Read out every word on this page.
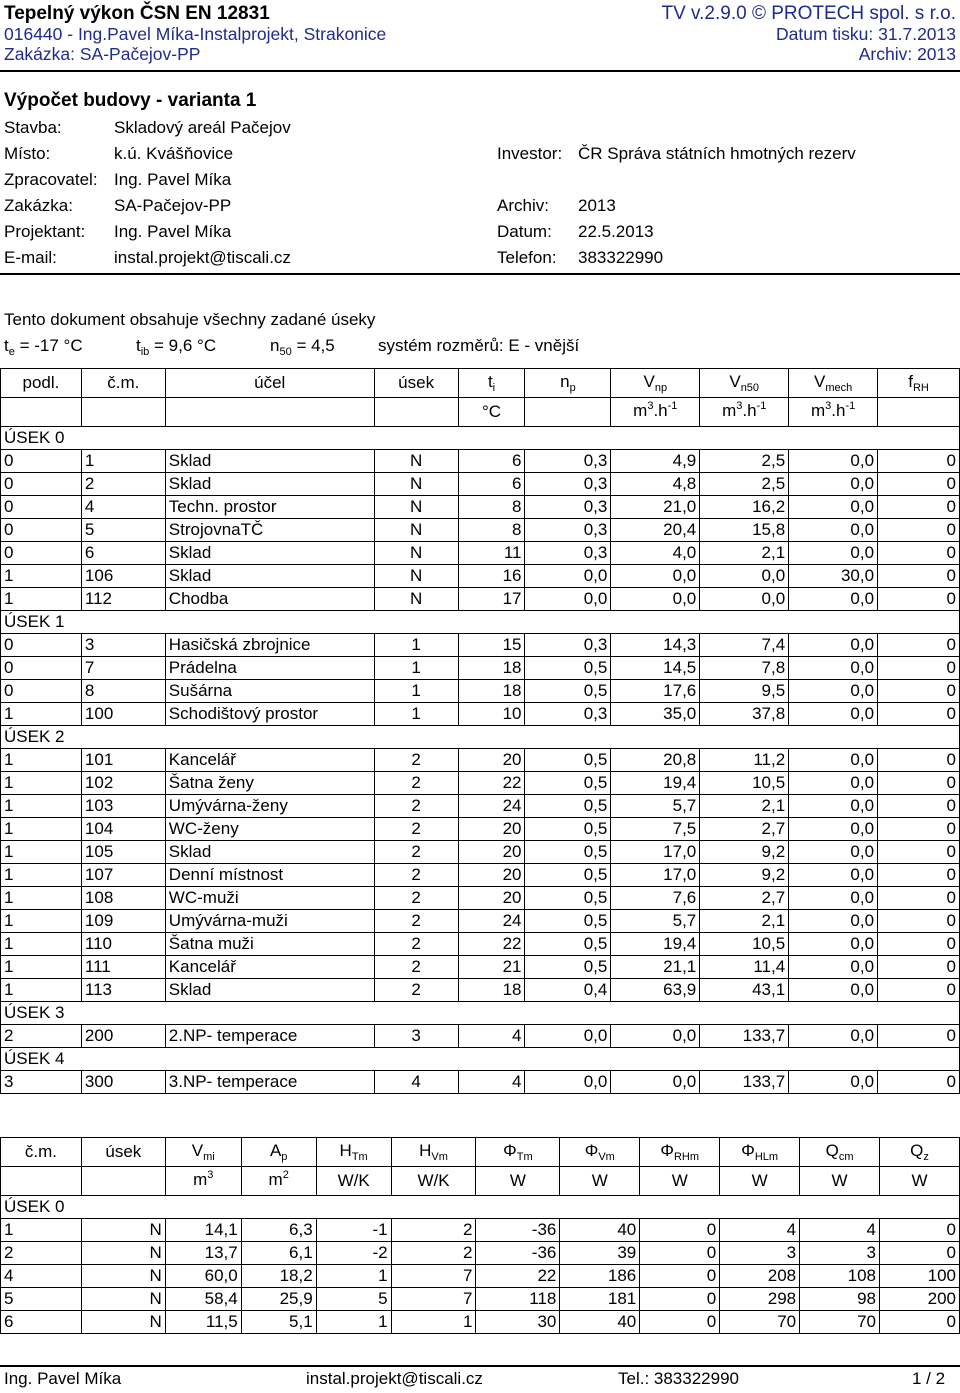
Tepelný výkon ČSN EN 12831	TV v.2.9.0 © PROTECH spol. s r.o.
016440 - Ing.Pavel Míka-Instalprojekt, Strakonice	Datum tisku: 31.7.2013
Zakázka: SA-Pačejov-PP	Archiv: 2013
Výpočet budovy - varianta 1
Stavba:	Skladový areál Pačejov
Místo:	k.ú. Kvášňovice	Investor: ČR Správa státních hmotných rezerv
Zpracovatel: Ing. Pavel Míka
Zakázka: SA-Pačejov-PP	Archiv: 2013
Projektant: Ing. Pavel Míka	Datum: 22.5.2013
E-mail:	instal.projekt@tiscali.cz	Telefon: 383322990
Tento dokument obsahuje všechny zadané úseky
$t_e = -17$ °C	$t_{ib} = 9,6$ °C	$n_{50} = 4,5$	systém rozměrů: E - vnější
podl.	č.m.	účel	úsek	$t_i$	$n_p$	$V_{np}$	$V_{n50}$	$V_{mech}$	$f_{RH}$
				°C		$m^3.h^{-1}$	$m^3.h^{-1}$	$m^3.h^{-1}$	
ÚSEK 0									
0	1	Sklad	N	6	0,3	4,9	2,5	0,0	0
0	2	Sklad	N	6	0,3	4,8	2,5	0,0	0
0	4	Techn. prostor	N	8	0,3	21,0	16,2	0,0	0
0	5	StrojovnaTČ	N	8	0,3	20,4	15,8	0,0	0
0	6	Sklad	N	11	0,3	4,0	2,1	0,0	0
1	106	Sklad	N	16	0,0	0,0	0,0	30,0	0
1	112	Chodba	N	17	0,0	0,0	0,0	0,0	0
ÚSEK 1									
0	3	Hasičská zbrojnice	1	15	0,3	14,3	7,4	0,0	0
0	7	Prádelna	1	18	0,5	14,5	7,8	0,0	0
0	8	Sušárna	1	18	0,5	17,6	9,5	0,0	0
1	100	Schodištový prostor	1	10	0,3	35,0	37,8	0,0	0
ÚSEK 2									
1	101	Kancelář	2	20	0,5	20,8	11,2	0,0	0
1	102	Šatna ženy	2	22	0,5	19,4	10,5	0,0	0
1	103	Umývárna-ženy	2	24	0,5	5,7	2,1	0,0	0
1	104	WC-ženy	2	20	0,5	7,5	2,7	0,0	0
1	105	Sklad	2	20	0,5	17,0	9,2	0,0	0
1	107	Denní místnost	2	20	0,5	17,0	9,2	0,0	0
1	108	WC-muži	2	20	0,5	7,6	2,7	0,0	0
1	109	Umývárna-muži	2	24	0,5	5,7	2,1	0,0	0
1	110	Šatna muži	2	22	0,5	19,4	10,5	0,0	0
1	111	Kancelář	2	21	0,5	21,1	11,4	0,0	0
1	113	Sklad	2	18	0,4	63,9	43,1	0,0	0
ÚSEK 3									
2	200	2.NP- temperace	3	4	0,0	0,0	133,7	0,0	0
ÚSEK 4									
3	300	3.NP- temperace	4	4	0,0	0,0	133,7	0,0	0
č.m.	úsek	$V_{mi}$	$A_p$	$H_{Tm}$	$H_{Vm}$	$\Phi_{Tm}$	$\Phi_{Vm}$	$\Phi_{RHm}$	$\Phi_{HLm}$	$Q_{cm}$	$Q_z$
		$m^3$	$m^2$	W/K	W/K	W	W	W	W	W	W
ÚSEK 0											
1	N	14,1	6,3	-1	2	-36	40	0	4	4	0
2	N	13,7	6,1	-2	2	-36	39	0	3	3	0
4	N	60,0	18,2	1	7	22	186	0	208	108	100
5	N	58,4	25,9	5	7	118	181	0	298	98	200
6	N	11,5	5,1	1	1	30	40	0	70	70	0
Ing. Pavel Míka	instal.projekt@tiscali.cz	Tel.: 383322990	1 / 2
